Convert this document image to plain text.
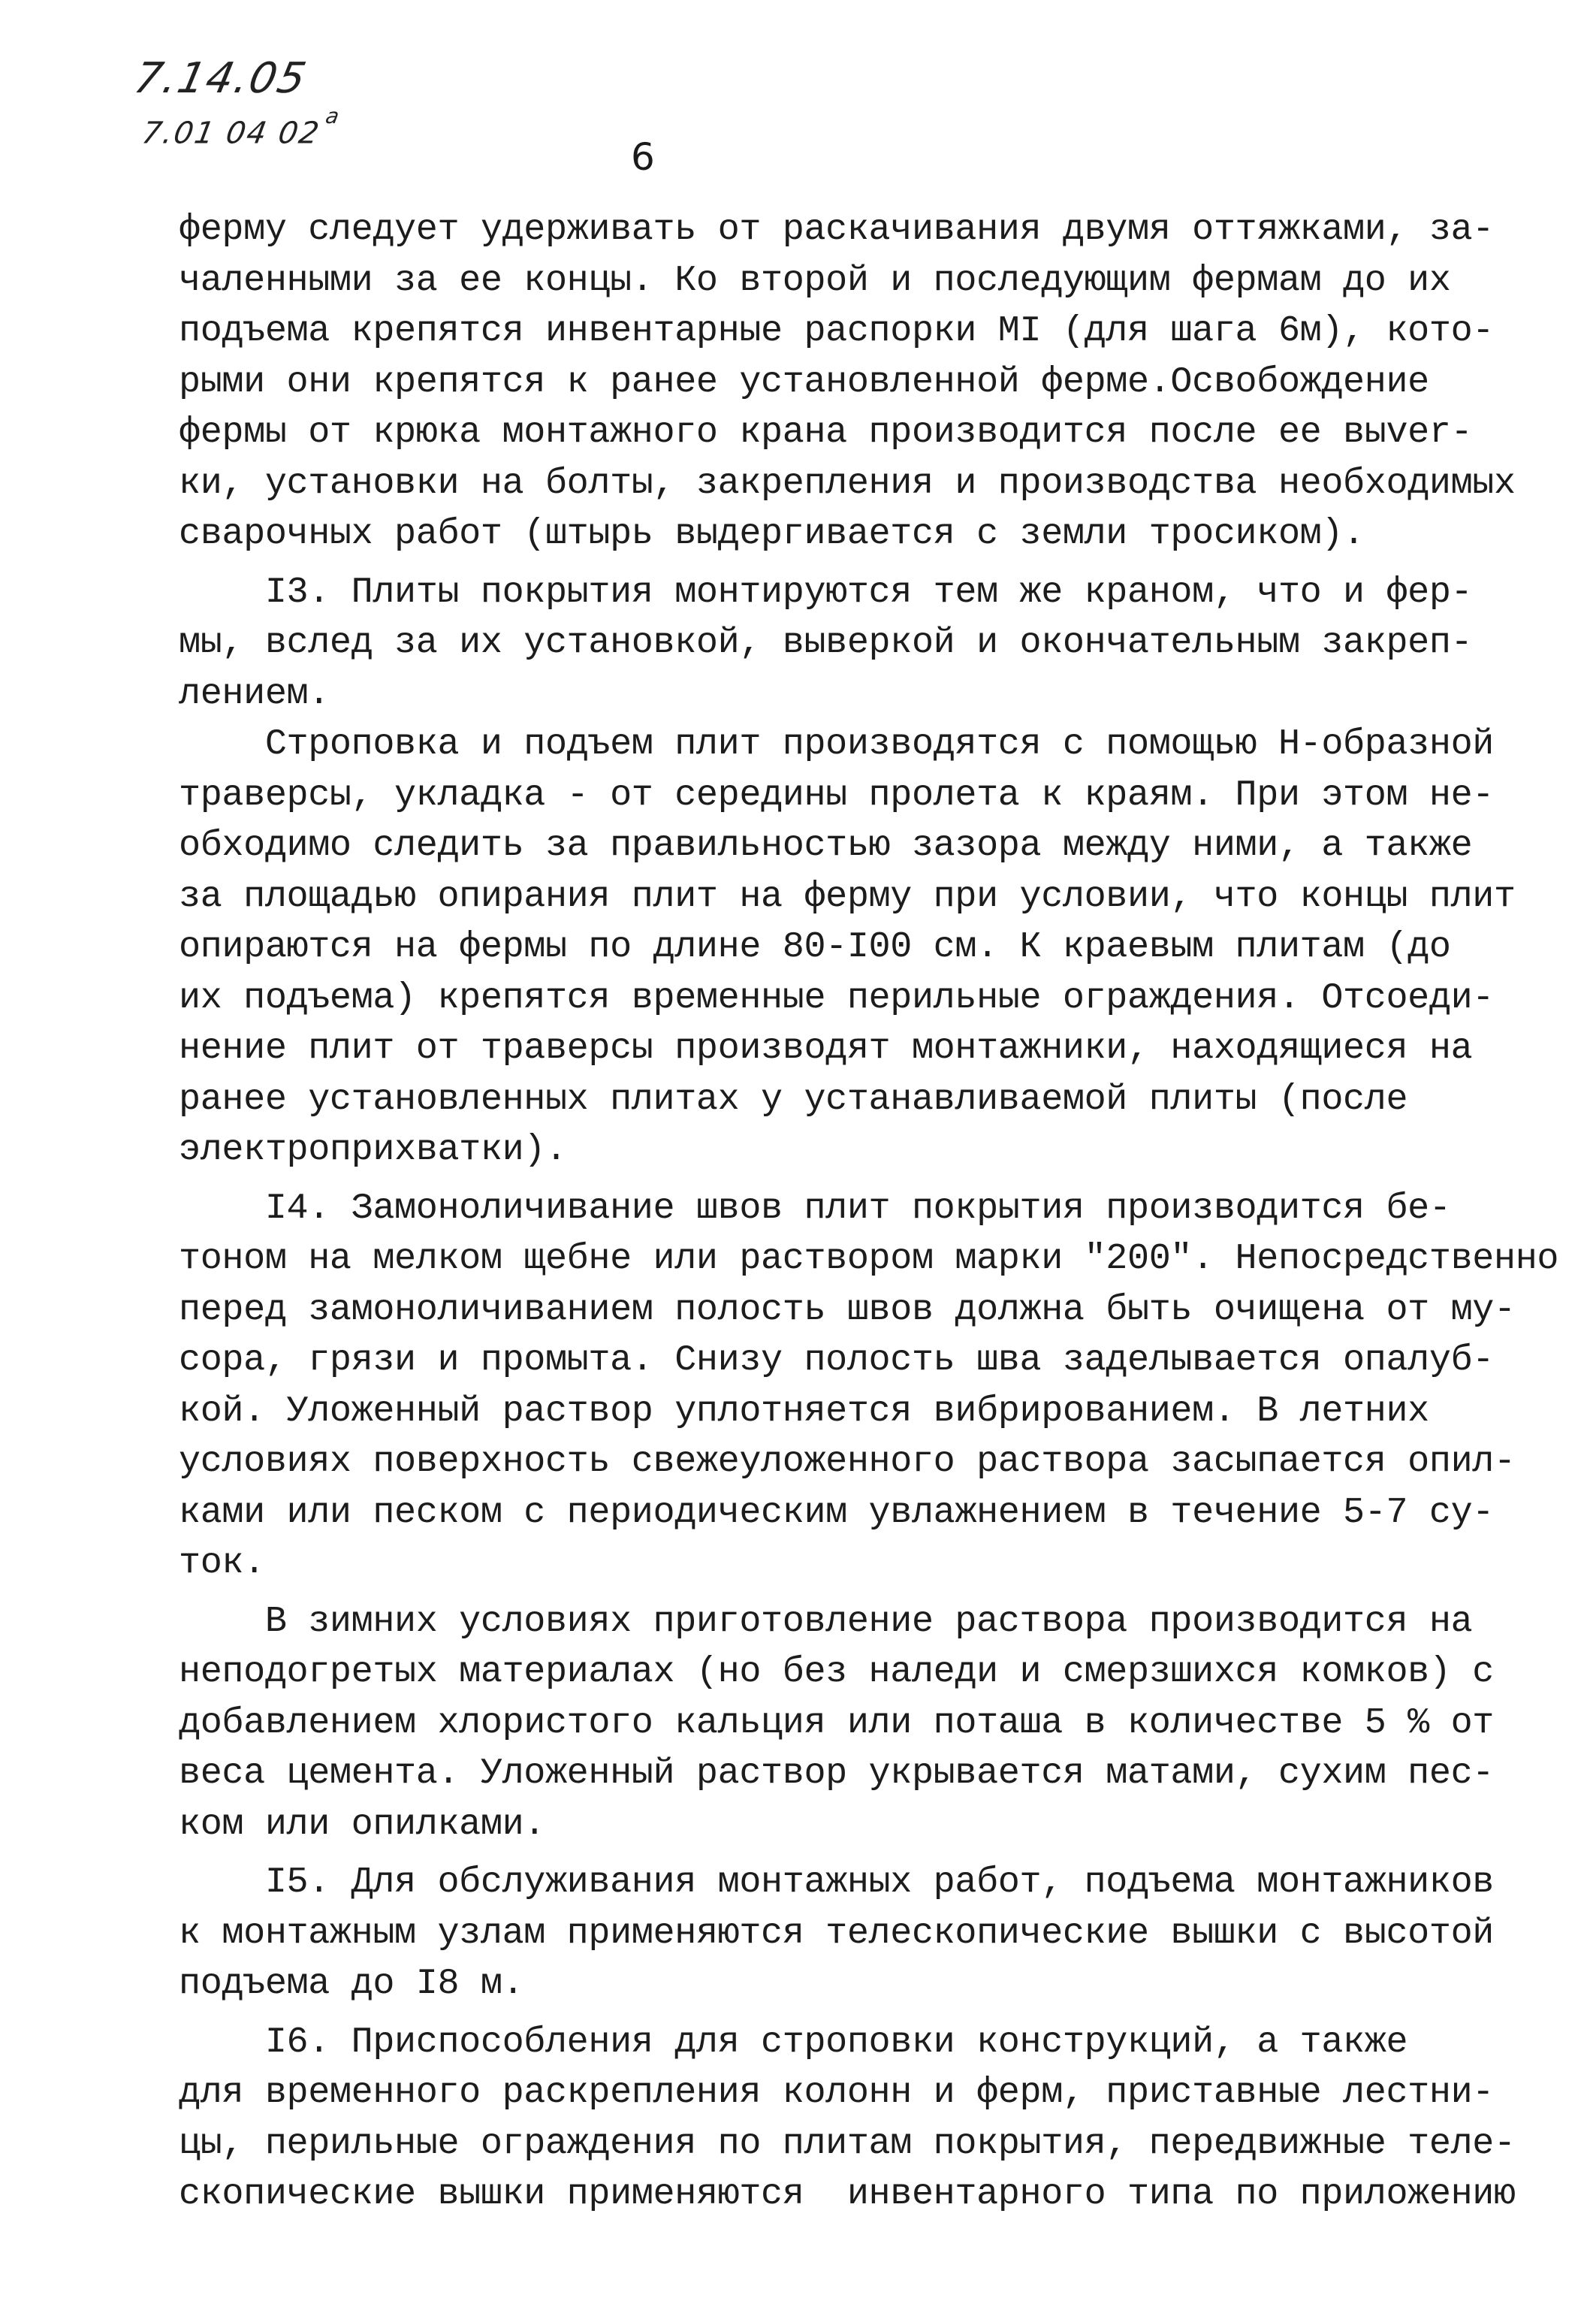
7.14.05
7.01 04 02$^a$
6
ферму следует удерживать от раскачивания двумя оттяжками, за-
чаленными за ее концы. Ко второй и последующим фермам до их
подъема крепятся инвентарные распорки МI (для шага 6м), кото-
рыми они крепятся к ранее установленной ферме.Освобождение
фермы от крюка монтажного крана производится после ее выver-
ки, установки на болты, закрепления и производства необходимых
сварочных работ (штырь выдергивается с земли тросиком).
I3. Плиты покрытия монтируются тем же краном, что и фер-
мы, вслед за их установкой, выверкой и окончательным закреп-
лением.
Строповка и подъем плит производятся с помощью Н-образной
траверсы, укладка - от середины пролета к краям. При этом не-
обходимо следить за правильностью зазора между ними, а также
за площадью опирания плит на ферму при условии, что концы плит
опираются на фермы по длине 80-I00 см. К краевым плитам (до
их подъема) крепятся временные перильные ограждения. Отсоеди-
нение плит от траверсы производят монтажники, находящиеся на
ранее установленных плитах у устанавливаемой плиты (после
электроприхватки).
I4. Замоноличивание швов плит покрытия производится бе-
тоном на мелком щебне или раствором марки "200". Непосредственно
перед замоноличиванием полость швов должна быть очищена от му-
сора, грязи и промыта. Снизу полость шва заделывается опалуб-
кой. Уложенный раствор уплотняется вибрированием. В летних
условиях поверхность свежеуложенного раствора засыпается опил-
ками или песком с периодическим увлажнением в течение 5-7 су-
ток.
В зимних условиях приготовление раствора производится на
неподогретых материалах (но без наледи и смерзшихся комков) с
добавлением хлористого кальция или поташа в количестве 5 % от
веса цемента. Уложенный раствор укрывается матами, сухим пес-
ком или опилками.
I5. Для обслуживания монтажных работ, подъема монтажников
к монтажным узлам применяются телескопические вышки с высотой
подъема до I8 м.
I6. Приспособления для строповки конструкций, а также
для временного раскрепления колонн и ферм, приставные лестни-
цы, перильные ограждения по плитам покрытия, передвижные теле-
скопические вышки применяются  инвентарного типа по приложению
